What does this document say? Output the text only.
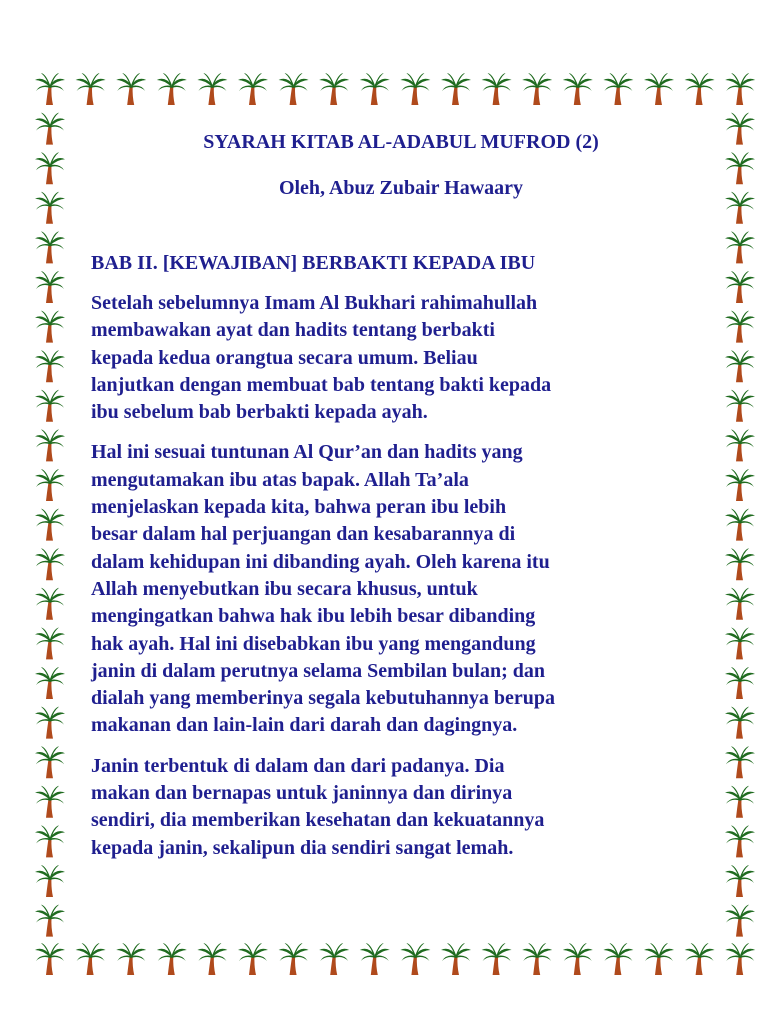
SYARAH KITAB AL-ADABUL MUFROD (2)

Oleh, Abuz Zubair Hawaary

BAB II. [KEWAJIBAN] BERBAKTI KEPADA IBU

Setelah sebelumnya Imam Al Bukhari rahimahullah
membawakan ayat dan hadits tentang berbakti
kepada kedua orangtua secara umum. Beliau
lanjutkan dengan membuat bab tentang bakti kepada
ibu sebelum bab berbakti kepada ayah.

Hal ini sesuai tuntunan Al Qur’an dan hadits yang
mengutamakan ibu atas bapak. Allah Ta’ala
menjelaskan kepada kita, bahwa peran ibu lebih
besar dalam hal perjuangan dan kesabarannya di
dalam kehidupan ini dibanding ayah. Oleh karena itu
Allah menyebutkan ibu secara khusus, untuk
mengingatkan bahwa hak ibu lebih besar dibanding
hak ayah. Hal ini disebabkan ibu yang mengandung
janin di dalam perutnya selama Sembilan bulan; dan
dialah yang memberinya segala kebutuhannya berupa
makanan dan lain-lain dari darah dan dagingnya.

Janin terbentuk di dalam dan dari padanya. Dia
makan dan bernapas untuk janinnya dan dirinya
sendiri, dia memberikan kesehatan dan kekuatannya
kepada janin, sekalipun dia sendiri sangat lemah.
